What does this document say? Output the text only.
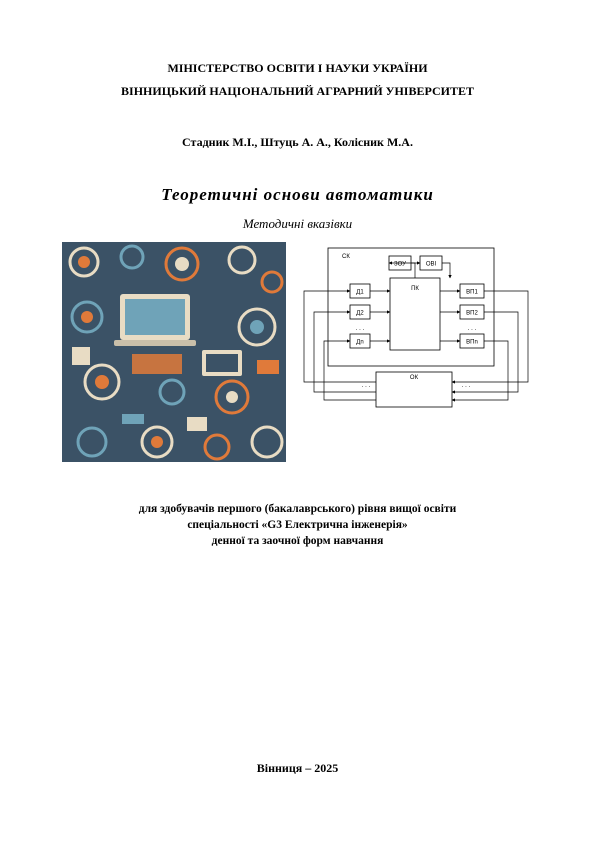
МІНІСТЕРСТВО ОСВІТИ І НАУКИ УКРАЇНИ
ВІННИЦЬКИЙ НАЦІОНАЛЬНИЙ АГРАРНИЙ УНІВЕРСИТЕТ
Стадник М.І., Штуць А. А., Колісник М.А.
Теоретичні основи автоматики
Методичні вказівки
СК
ЗОУ	ОВІ
ПК
Д1
Д2
. . .
Дn
ВП1
ВП2
. . .
ВПn
ОК
. . .	. . .
для здобувачів першого (бакалаврського) рівня вищої освіти
спеціальності «G3 Електрична інженерія»
денної та заочної форм навчання
Вінниця – 2025
